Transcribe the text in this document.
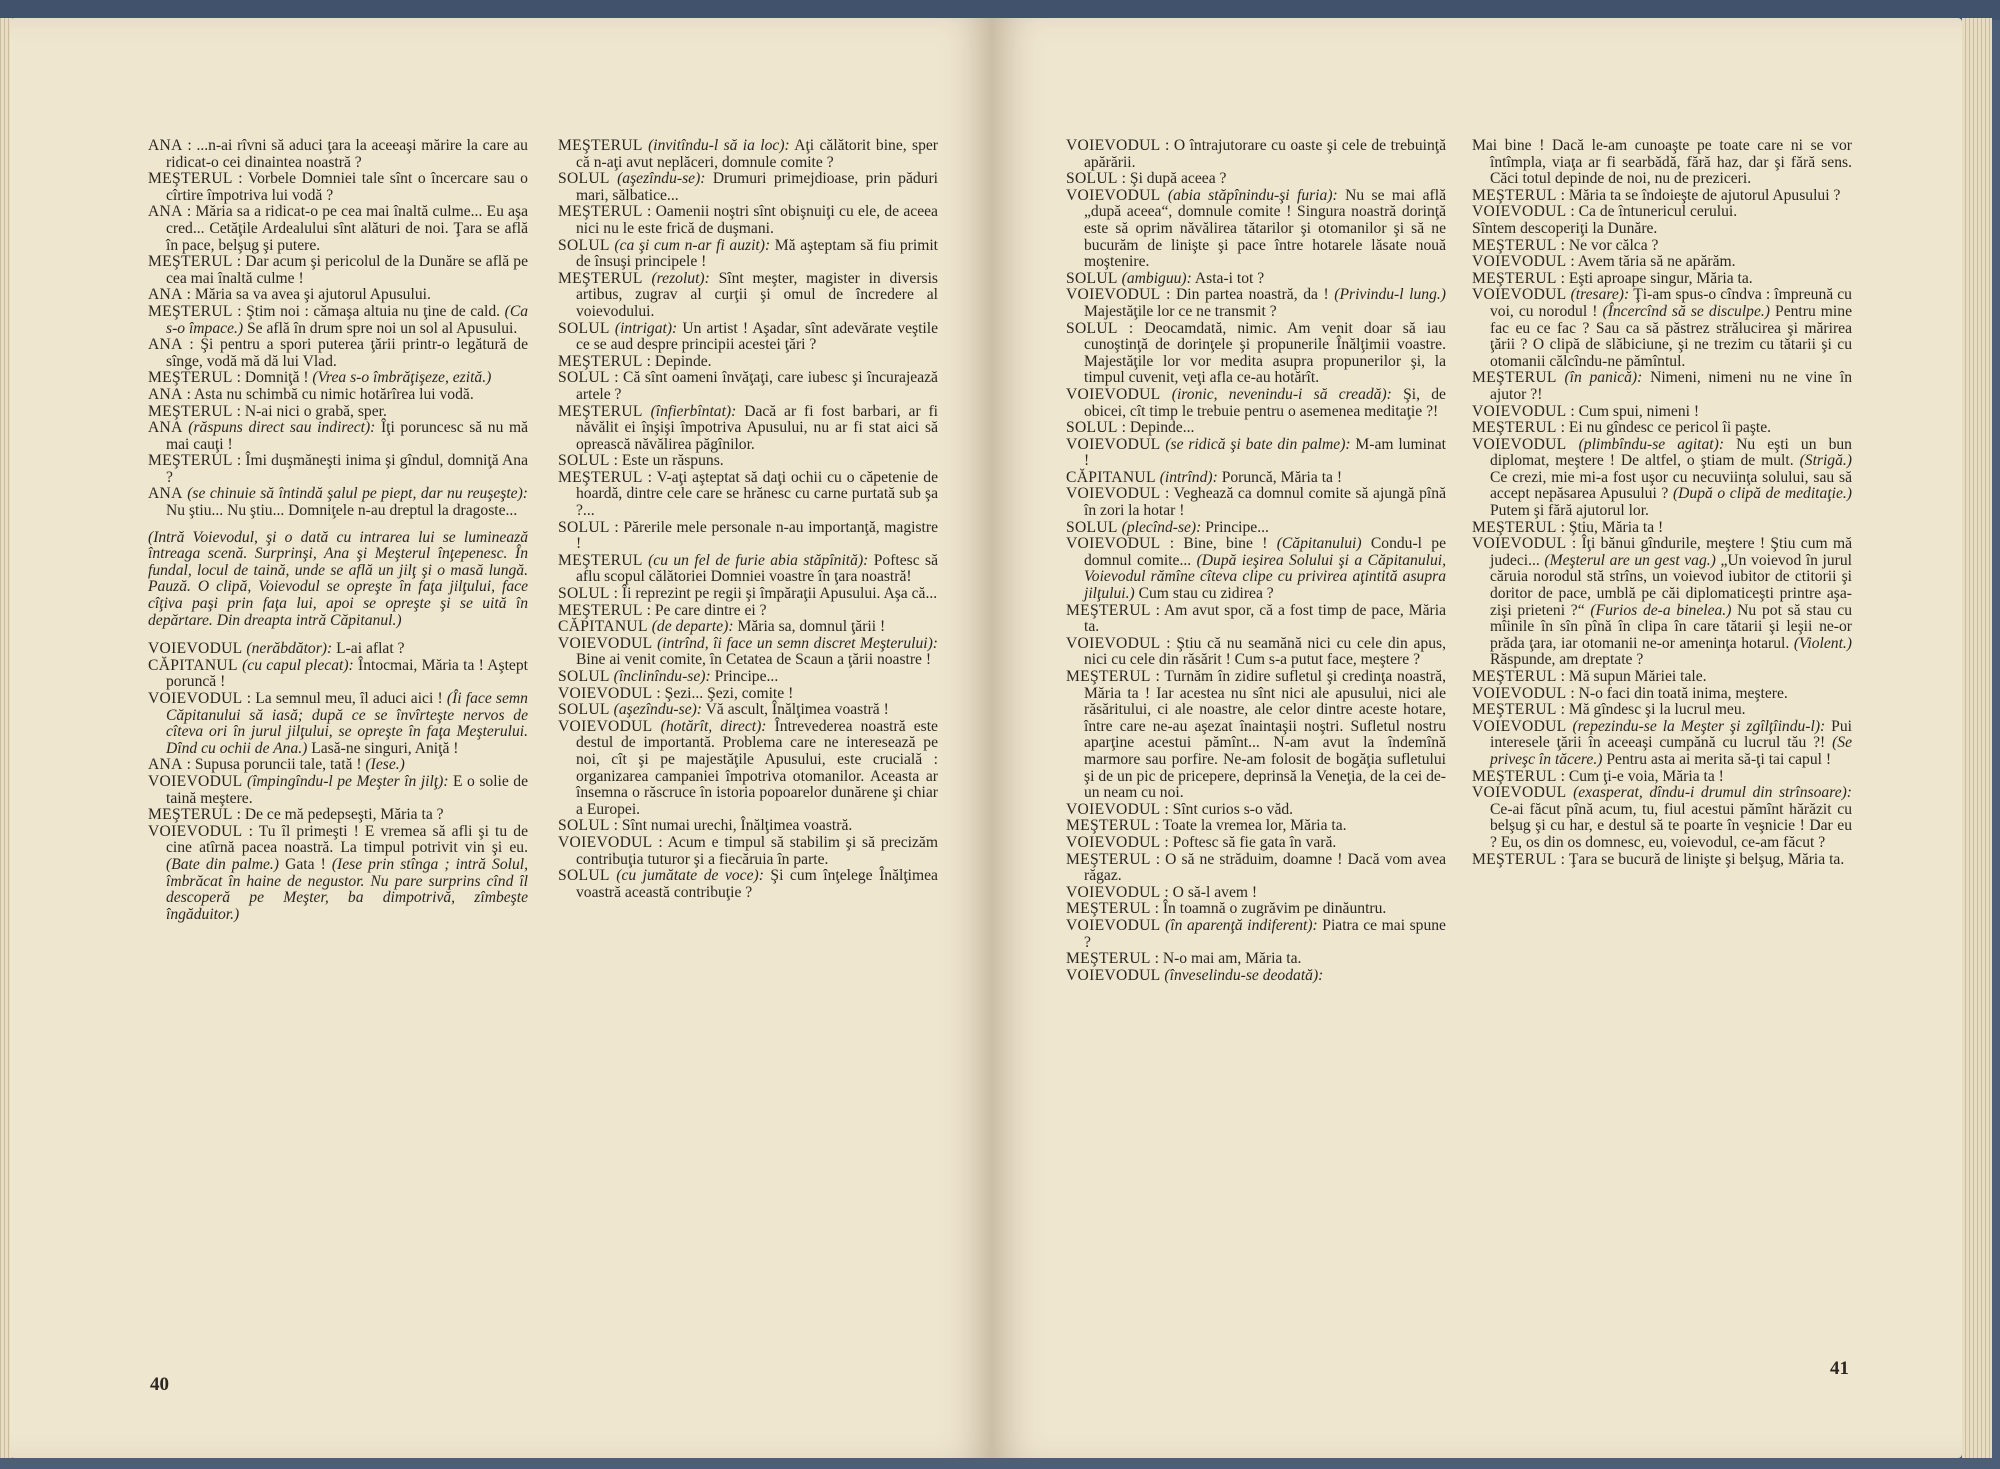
ANA : ...n-ai rîvni să aduci ţara la aceeaşi mărire la care au ridicat-o cei dinaintea noastră ?

MEŞTERUL : Vorbele Domniei tale sînt o încercare sau o cîrtire împotriva lui vodă ?

ANA : Măria sa a ridicat-o pe cea mai înaltă culme... Eu aşa cred... Cetăţile Ardealului sînt alături de noi. Ţara se află în pace, belşug şi putere.

MEŞTERUL : Dar acum şi pericolul de la Dunăre se află pe cea mai înaltă culme !

ANA : Măria sa va avea şi ajutorul Apusului.

MEŞTERUL : Ştim noi : cămaşa altuia nu ţine de cald. (Ca s-o împace.) Se află în drum spre noi un sol al Apusului.

ANA : Şi pentru a spori puterea ţării printr-o legătură de sînge, vodă mă dă lui Vlad.

MEŞTERUL : Domniţă ! (Vrea s-o îmbrăţişeze, ezită.)

ANA : Asta nu schimbă cu nimic hotărîrea lui vodă.

MEŞTERUL : N-ai nici o grabă, sper.

ANA (răspuns direct sau indirect): Îţi poruncesc să nu mă mai cauţi !

MEŞTERUL : Îmi duşmăneşti inima şi gîndul, domniţă Ana ?

ANA (se chinuie să întindă şalul pe piept, dar nu reuşeşte): Nu ştiu... Nu ştiu... Domniţele n-au dreptul la dragoste...

(Intră Voievodul, şi o dată cu intrarea lui se luminează întreaga scenă. Surprinşi, Ana şi Meşterul înţepenesc. În fundal, locul de taină, unde se află un jilţ şi o masă lungă. Pauză. O clipă, Voievodul se opreşte în faţa jilţului, face cîţiva paşi prin faţa lui, apoi se opreşte şi se uită în depărtare. Din dreapta intră Căpitanul.)

VOIEVODUL (nerăbdător): L-ai aflat ?

CĂPITANUL (cu capul plecat): Întocmai, Măria ta ! Aştept poruncă !

VOIEVODUL : La semnul meu, îl aduci aici ! (Îi face semn Căpitanului să iasă; după ce se învîrteşte nervos de cîteva ori în jurul jilţului, se opreşte în faţa Meşterului. Dînd cu ochii de Ana.) Lasă-ne singuri, Aniţă !

ANA : Supusa poruncii tale, tată ! (Iese.)

VOIEVODUL (împingîndu-l pe Meşter în jilţ): E o solie de taină meştere.

MEŞTERUL : De ce mă pedepseşti, Măria ta ?

VOIEVODUL : Tu îl primeşti ! E vremea să afli şi tu de cine atîrnă pacea noastră. La timpul potrivit vin şi eu. (Bate din palme.) Gata ! (Iese prin stînga ; intră Solul, îmbrăcat în haine de negustor. Nu pare surprins cînd îl descoperă pe Meşter, ba dimpotrivă, zîmbeşte îngăduitor.)

MEŞTERUL (invitîndu-l să ia loc): Aţi călătorit bine, sper că n-aţi avut neplăceri, domnule comite ?

SOLUL (aşezîndu-se): Drumuri primejdioase, prin păduri mari, sălbatice...

MEŞTERUL : Oamenii noştri sînt obişnuiţi cu ele, de aceea nici nu le este frică de duşmani.

SOLUL (ca şi cum n-ar fi auzit): Mă aşteptam să fiu primit de însuşi principele !

MEŞTERUL (rezolut): Sînt meşter, magister in diversis artibus, zugrav al curţii şi omul de încredere al voievodului.

SOLUL (intrigat): Un artist ! Aşadar, sînt adevărate veştile ce se aud despre principii acestei ţări ?

MEŞTERUL : Depinde.

SOLUL : Că sînt oameni învăţaţi, care iubesc şi încurajează artele ?

MEŞTERUL (înfierbîntat): Dacă ar fi fost barbari, ar fi năvălit ei înşişi împotriva Apusului, nu ar fi stat aici să oprească năvălirea păgînilor.

SOLUL : Este un răspuns.

MEŞTERUL : V-aţi aşteptat să daţi ochii cu o căpetenie de hoardă, dintre cele care se hrănesc cu carne purtată sub şa ?...

SOLUL : Părerile mele personale n-au importanţă, magistre !

MEŞTERUL (cu un fel de furie abia stăpînită): Poftesc să aflu scopul călătoriei Domniei voastre în ţara noastră!

SOLUL : Îi reprezint pe regii şi împăraţii Apusului. Aşa că...

MEŞTERUL : Pe care dintre ei ?

CĂPITANUL (de departe): Măria sa, domnul ţării !

VOIEVODUL (intrînd, îi face un semn discret Meşterului): Bine ai venit comite, în Cetatea de Scaun a ţării noastre !

SOLUL (înclinîndu-se): Principe...

VOIEVODUL : Şezi... Şezi, comite !

SOLUL (aşezîndu-se): Vă ascult, Înălţimea voastră !

VOIEVODUL (hotărît, direct): Întrevederea noastră este destul de importantă. Problema care ne interesează pe noi, cît şi pe majestăţile Apusului, este crucială : organizarea campaniei împotriva otomanilor. Aceasta ar însemna o răscruce în istoria popoarelor dunărene şi chiar a Europei.

SOLUL : Sînt numai urechi, Înălţimea voastră.

VOIEVODUL : Acum e timpul să stabilim şi să precizăm contribuţia tuturor şi a fiecăruia în parte.

SOLUL (cu jumătate de voce): Şi cum înţelege Înălţimea voastră această contribuţie ?

40

VOIEVODUL : O întrajutorare cu oaste şi cele de trebuinţă apărării.

SOLUL : Şi după aceea ?

VOIEVODUL (abia stăpînindu-şi furia): Nu se mai află „după aceea“, domnule comite ! Singura noastră dorinţă este să oprim năvălirea tătarilor şi otomanilor şi să ne bucurăm de linişte şi pace între hotarele lăsate nouă moştenire.

SOLUL (ambiguu): Asta-i tot ?

VOIEVODUL : Din partea noastră, da ! (Privindu-l lung.) Majestăţile lor ce ne transmit ?

SOLUL : Deocamdată, nimic. Am venit doar să iau cunoştinţă de dorinţele şi propunerile Înălţimii voastre. Majestăţile lor vor medita asupra propunerilor şi, la timpul cuvenit, veţi afla ce-au hotărît.

VOIEVODUL (ironic, nevenindu-i să creadă): Şi, de obicei, cît timp le trebuie pentru o asemenea meditaţie ?!

SOLUL : Depinde...

VOIEVODUL (se ridică şi bate din palme): M-am luminat !

CĂPITANUL (intrînd): Poruncă, Măria ta !

VOIEVODUL : Veghează ca domnul comite să ajungă pînă în zori la hotar !

SOLUL (plecînd-se): Principe...

VOIEVODUL : Bine, bine ! (Căpitanului) Condu-l pe domnul comite... (După ieşirea Solului şi a Căpitanului, Voievodul rămîne cîteva clipe cu privirea aţintită asupra jilţului.) Cum stau cu zidirea ?

MEŞTERUL : Am avut spor, că a fost timp de pace, Măria ta.

VOIEVODUL : Ştiu că nu seamănă nici cu cele din apus, nici cu cele din răsărit ! Cum s-a putut face, meştere ?

MEŞTERUL : Turnăm în zidire sufletul şi credinţa noastră, Măria ta ! Iar acestea nu sînt nici ale apusului, nici ale răsăritului, ci ale noastre, ale celor dintre aceste hotare, între care ne-au aşezat înaintaşii noştri. Sufletul nostru aparţine acestui pămînt... N-am avut la îndemînă marmore sau porfire. Ne-am folosit de bogăţia sufletului şi de un pic de pricepere, deprinsă la Veneţia, de la cei de-un neam cu noi.

VOIEVODUL : Sînt curios s-o văd.

MEŞTERUL : Toate la vremea lor, Măria ta.

VOIEVODUL : Poftesc să fie gata în vară.

MEŞTERUL : O să ne străduim, doamne ! Dacă vom avea răgaz.

VOIEVODUL : O să-l avem !

MEŞTERUL : În toamnă o zugrăvim pe dinăuntru.

VOIEVODUL (în aparenţă indiferent): Piatra ce mai spune ?

MEŞTERUL : N-o mai am, Măria ta.

VOIEVODUL (înveselindu-se deodată):

Mai bine ! Dacă le-am cunoaşte pe toate care ni se vor întîmpla, viaţa ar fi searbădă, fără haz, dar şi fără sens. Căci totul depinde de noi, nu de preziceri.

MEŞTERUL : Măria ta se îndoieşte de ajutorul Apusului ?

VOIEVODUL : Ca de întunericul cerului.

Sîntem descoperiţi la Dunăre.

MEŞTERUL : Ne vor călca ?

VOIEVODUL : Avem tăria să ne apărăm.

MEŞTERUL : Eşti aproape singur, Măria ta.

VOIEVODUL (tresare): Ţi-am spus-o cîndva : împreună cu voi, cu norodul ! (Încercînd să se disculpe.) Pentru mine fac eu ce fac ? Sau ca să păstrez strălucirea şi mărirea ţării ? O clipă de slăbiciune, şi ne trezim cu tătarii şi cu otomanii călcîndu-ne pămîntul.

MEŞTERUL (în panică): Nimeni, nimeni nu ne vine în ajutor ?!

VOIEVODUL : Cum spui, nimeni !

MEŞTERUL : Ei nu gîndesc ce pericol îi paşte.

VOIEVODUL (plimbîndu-se agitat): Nu eşti un bun diplomat, meştere ! De altfel, o ştiam de mult. (Strigă.) Ce crezi, mie mi-a fost uşor cu necuviinţa solului, sau să accept nepăsarea Apusului ? (După o clipă de meditaţie.) Putem şi fără ajutorul lor.

MEŞTERUL : Ştiu, Măria ta !

VOIEVODUL : Îţi bănui gîndurile, meştere ! Ştiu cum mă judeci... (Meşterul are un gest vag.) „Un voievod în jurul căruia norodul stă strîns, un voievod iubitor de ctitorii şi doritor de pace, umblă pe căi diplomaticeşti printre aşa-zişi prieteni ?“ (Furios de-a binelea.) Nu pot să stau cu mîinile în sîn pînă în clipa în care tătarii şi leşii ne-or prăda ţara, iar otomanii ne-or ameninţa hotarul. (Violent.) Răspunde, am dreptate ?

MEŞTERUL : Mă supun Măriei tale.

VOIEVODUL : N-o faci din toată inima, meştere.

MEŞTERUL : Mă gîndesc şi la lucrul meu.

VOIEVODUL (repezindu-se la Meşter şi zgîlţîindu-l): Pui interesele ţării în aceeaşi cumpănă cu lucrul tău ?! (Se priveşc în tăcere.) Pentru asta ai merita să-ţi tai capul !

MEŞTERUL : Cum ţi-e voia, Măria ta !

VOIEVODUL (exasperat, dîndu-i drumul din strînsoare): Ce-ai făcut pînă acum, tu, fiul acestui pămînt hărăzit cu belşug şi cu har, e destul să te poarte în veşnicie ! Dar eu ? Eu, os din os domnesc, eu, voievodul, ce-am făcut ?

MEŞTERUL : Ţara se bucură de linişte şi belşug, Măria ta.

41
